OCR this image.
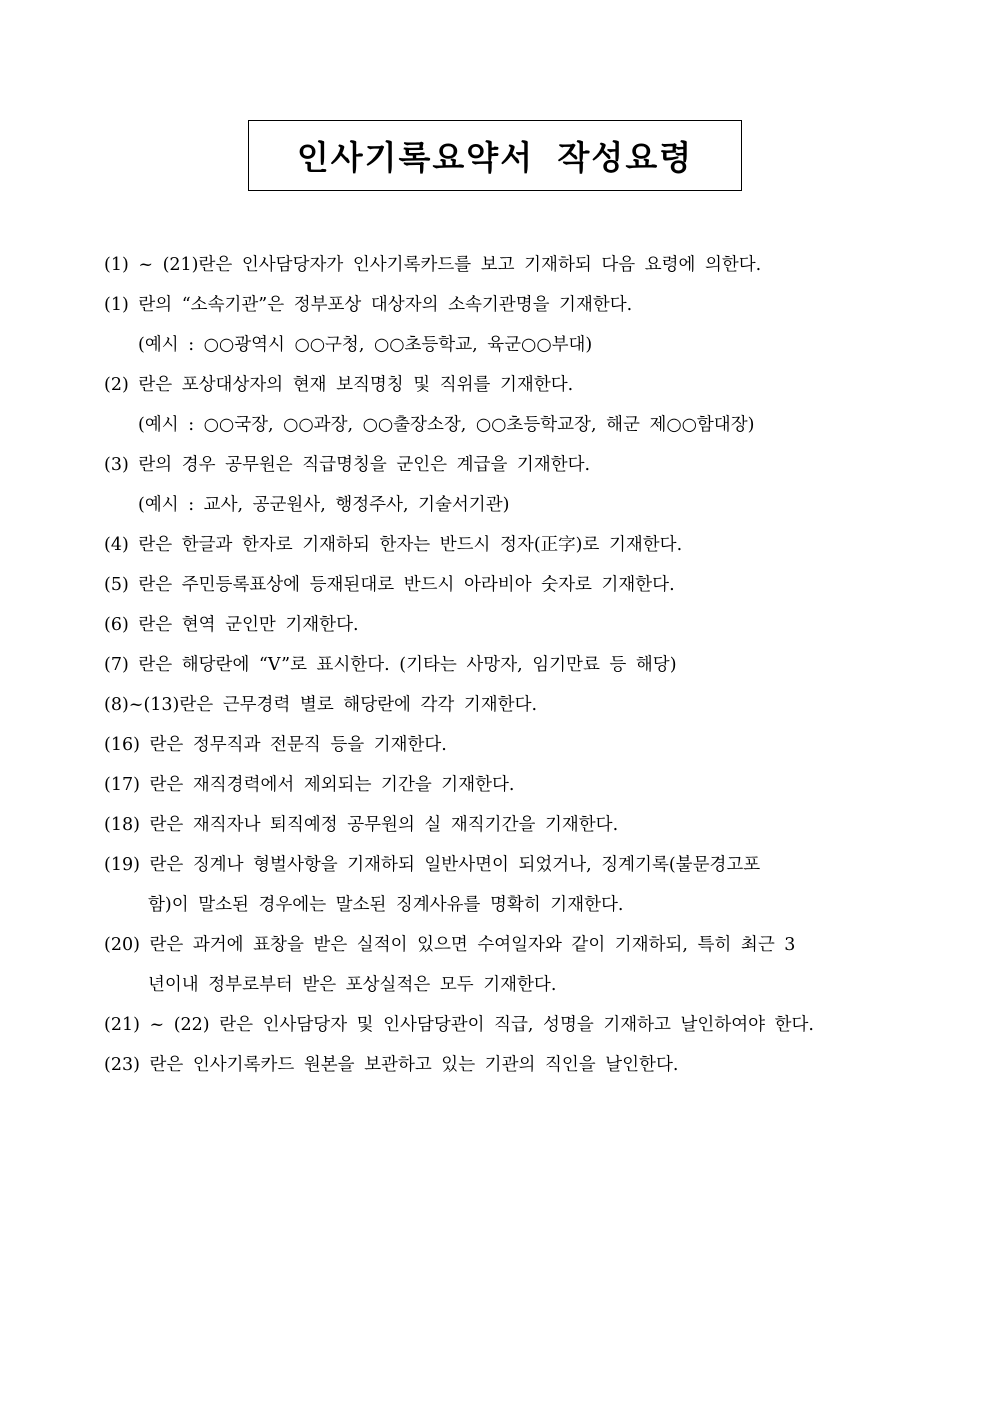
인사기록요약서 작성요령
(1) ~ (21)란은 인사담당자가 인사기록카드를 보고 기재하되 다음 요령에 의한다.
(1) 란의 “소속기관”은 정부포상 대상자의 소속기관명을 기재한다.
(예시 : ○○광역시 ○○구청, ○○초등학교, 육군○○부대)
(2) 란은 포상대상자의 현재 보직명칭 및 직위를 기재한다.
(예시 : ○○국장, ○○과장, ○○출장소장, ○○초등학교장, 해군 제○○함대장)
(3) 란의 경우 공무원은 직급명칭을 군인은 계급을 기재한다.
(예시 : 교사, 공군원사, 행정주사, 기술서기관)
(4) 란은 한글과 한자로 기재하되 한자는 반드시 정자(正字)로 기재한다.
(5) 란은 주민등록표상에 등재된대로 반드시 아라비아 숫자로 기재한다.
(6) 란은 현역 군인만 기재한다.
(7) 란은 해당란에 “V”로 표시한다. (기타는 사망자, 임기만료 등 해당)
(8)~(13)란은 근무경력 별로 해당란에 각각 기재한다.
(16) 란은 정무직과 전문직 등을 기재한다.
(17) 란은 재직경력에서 제외되는 기간을 기재한다.
(18) 란은 재직자나 퇴직예정 공무원의 실 재직기간을 기재한다.
(19) 란은 징계나 형벌사항을 기재하되 일반사면이 되었거나, 징계기록(불문경고포
함)이 말소된 경우에는 말소된 징계사유를 명확히 기재한다.
(20) 란은 과거에 표창을 받은 실적이 있으면 수여일자와 같이 기재하되, 특히 최근 3
년이내 정부로부터 받은 포상실적은 모두 기재한다.
(21) ~ (22) 란은 인사담당자 및 인사담당관이 직급, 성명을 기재하고 날인하여야 한다.
(23) 란은 인사기록카드 원본을 보관하고 있는 기관의 직인을 날인한다.
